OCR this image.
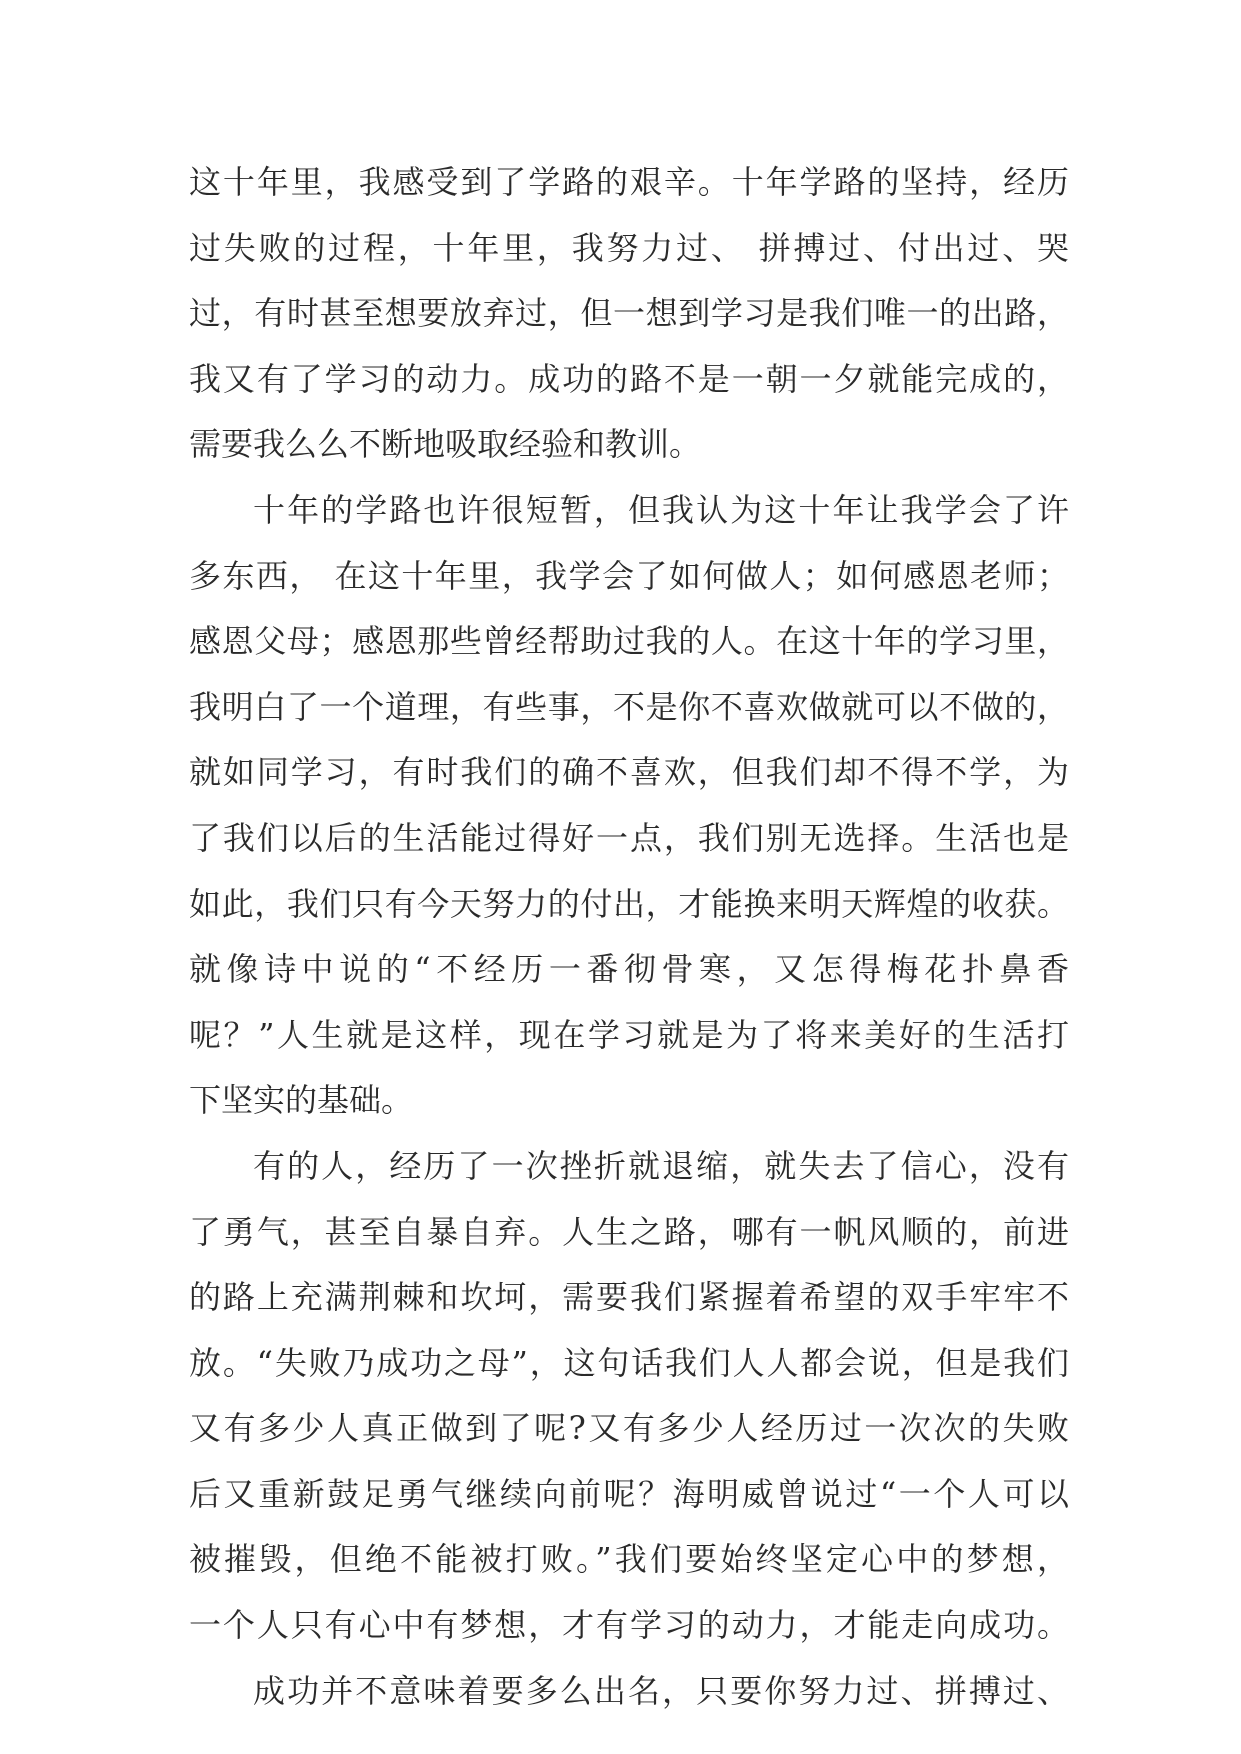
这十年里，我感受到了学路的艰辛。十年学路的坚持，经历
过失败的过程，十年里，我努力过、 拼搏过、付出过、哭
过，有时甚至想要放弃过，但一想到学习是我们唯一的出路，
我又有了学习的动力。成功的路不是一朝一夕就能完成的，
需要我么么不断地吸取经验和教训。
十年的学路也许很短暂，但我认为这十年让我学会了许
多东西， 在这十年里，我学会了如何做人；如何感恩老师；
感恩父母；感恩那些曾经帮助过我的人。在这十年的学习里，
我明白了一个道理，有些事，不是你不喜欢做就可以不做的，
就如同学习，有时我们的确不喜欢，但我们却不得不学，为
了我们以后的生活能过得好一点，我们别无选择。生活也是
如此，我们只有今天努力的付出，才能换来明天辉煌的收获。
就像诗中说的“不经历一番彻骨寒，又怎得梅花扑鼻香
呢？”人生就是这样，现在学习就是为了将来美好的生活打
下坚实的基础。
有的人，经历了一次挫折就退缩，就失去了信心，没有
了勇气，甚至自暴自弃。人生之路，哪有一帆风顺的，前进
的路上充满荆棘和坎坷，需要我们紧握着希望的双手牢牢不
放。“失败乃成功之母”，这句话我们人人都会说，但是我们
又有多少人真正做到了呢?又有多少人经历过一次次的失败
后又重新鼓足勇气继续向前呢？海明威曾说过“一个人可以
被摧毁，但绝不能被打败。”我们要始终坚定心中的梦想，
一个人只有心中有梦想，才有学习的动力，才能走向成功。
成功并不意味着要多么出名，只要你努力过、拼搏过、
